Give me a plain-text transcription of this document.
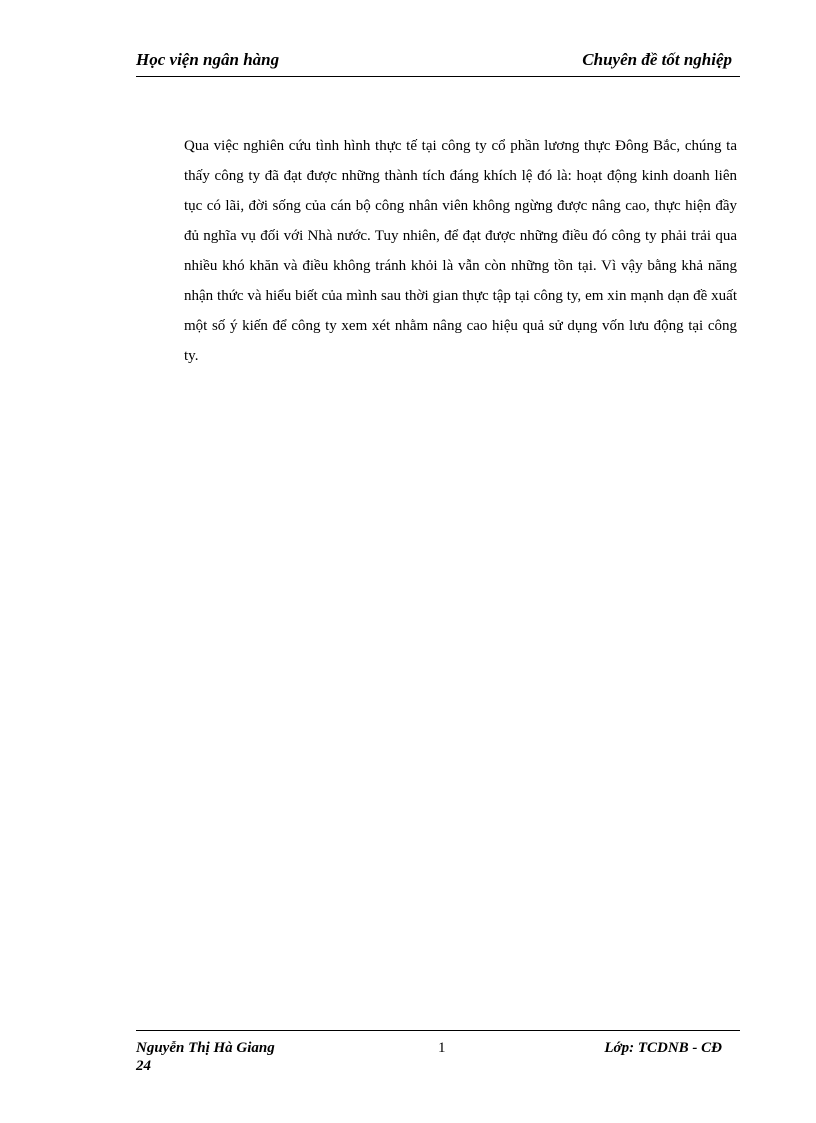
Học viện ngân hàng	Chuyên đề tốt nghiệp

Qua việc nghiên cứu tình hình thực tế tại công ty cổ phần lương thực Đông Bắc, chúng ta thấy công ty đã đạt được những thành tích đáng khích lệ đó là: hoạt động kinh doanh liên tục có lãi, đời sống của cán bộ công nhân viên không ngừng được nâng cao, thực hiện đầy đủ nghĩa vụ đối với Nhà nước. Tuy nhiên, để đạt được những điều đó công ty phải trải qua nhiều khó khăn và điều không tránh khỏi là vẫn còn những tồn tại. Vì vậy bằng khả năng nhận thức và hiểu biết của mình sau thời gian thực tập tại công ty, em xin mạnh dạn đề xuất một số ý kiến để công ty xem xét nhằm nâng cao hiệu quả sử dụng vốn lưu động tại công ty.

Nguyễn Thị Hà Giang	1	Lớp: TCDNB - CĐ
24
